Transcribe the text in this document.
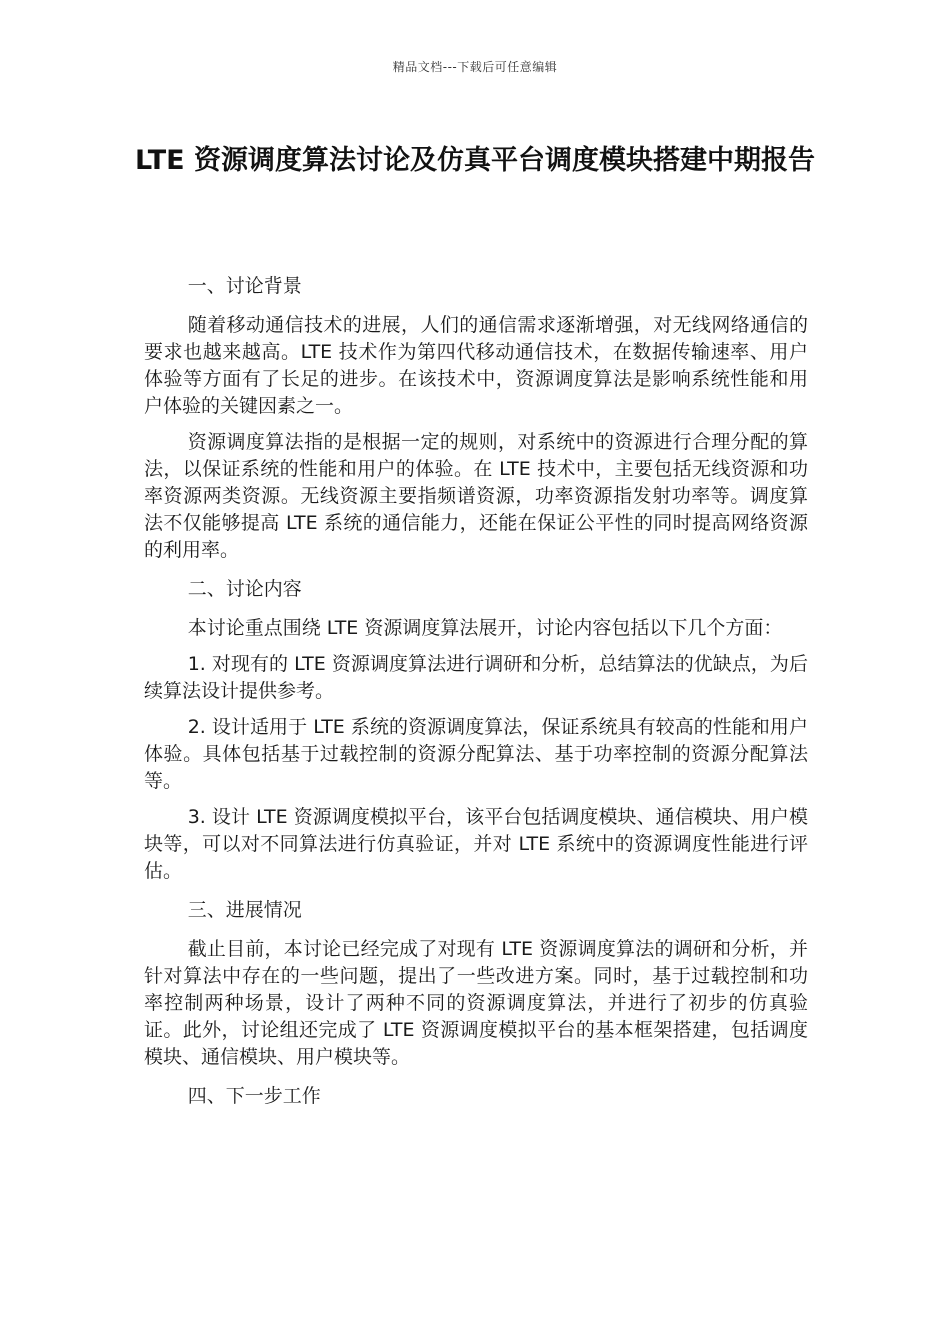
精品文档---下载后可任意编辑
LTE 资源调度算法讨论及仿真平台调度模块搭建中期报告
一、讨论背景

随着移动通信技术的进展，人们的通信需求逐渐增强，对无线网络通信的要求也越来越高。LTE 技术作为第四代移动通信技术，在数据传输速率、用户体验等方面有了长足的进步。在该技术中，资源调度算法是影响系统性能和用户体验的关键因素之一。

资源调度算法指的是根据一定的规则，对系统中的资源进行合理分配的算法，以保证系统的性能和用户的体验。在 LTE 技术中，主要包括无线资源和功率资源两类资源。无线资源主要指频谱资源，功率资源指发射功率等。调度算法不仅能够提高 LTE 系统的通信能力，还能在保证公平性的同时提高网络资源的利用率。

二、讨论内容

本讨论重点围绕 LTE 资源调度算法展开，讨论内容包括以下几个方面：

1. 对现有的 LTE 资源调度算法进行调研和分析，总结算法的优缺点，为后续算法设计提供参考。

2. 设计适用于 LTE 系统的资源调度算法，保证系统具有较高的性能和用户体验。具体包括基于过载控制的资源分配算法、基于功率控制的资源分配算法等。

3. 设计 LTE 资源调度模拟平台，该平台包括调度模块、通信模块、用户模块等，可以对不同算法进行仿真验证，并对 LTE 系统中的资源调度性能进行评估。

三、进展情况

截止目前，本讨论已经完成了对现有 LTE 资源调度算法的调研和分析，并针对算法中存在的一些问题，提出了一些改进方案。同时，基于过载控制和功率控制两种场景，设计了两种不同的资源调度算法，并进行了初步的仿真验证。此外，讨论组还完成了 LTE 资源调度模拟平台的基本框架搭建，包括调度模块、通信模块、用户模块等。

四、下一步工作
